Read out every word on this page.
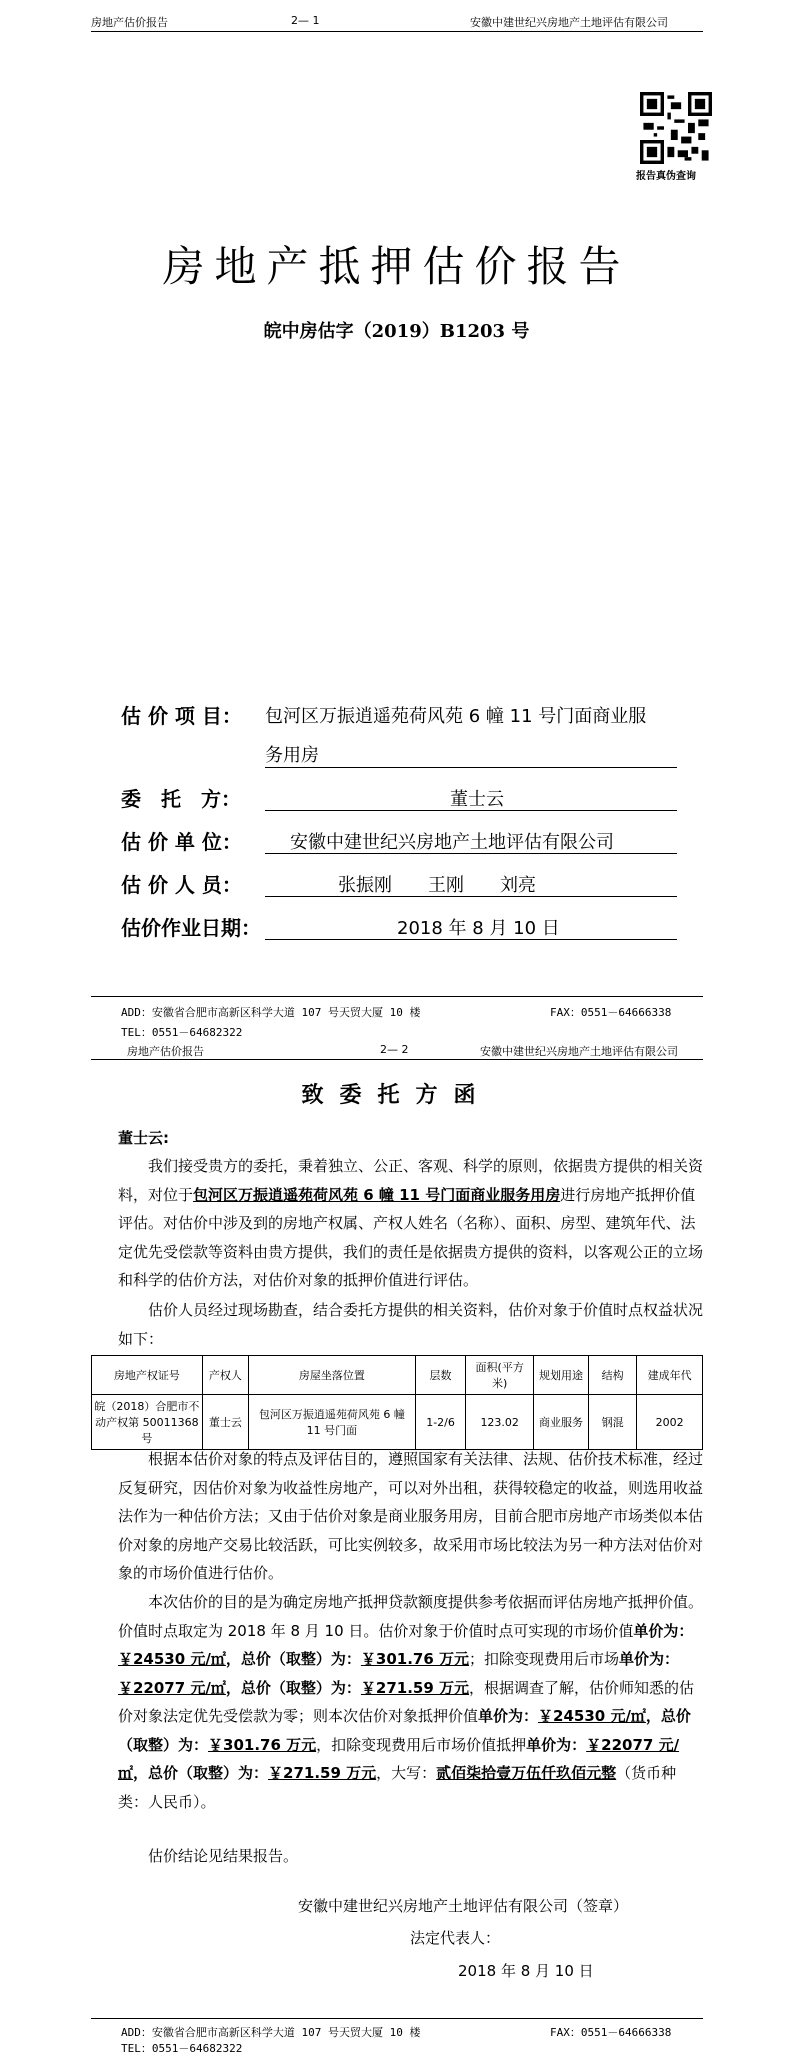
房地产估价报告	2— 1	安徽中建世纪兴房地产土地评估有限公司
报告真伪查询
房地产抵押估价报告
皖中房估字（2019）B1203 号
估 价 项 目： 包河区万振逍遥苑荷风苑 6 幢 11 号门面商业服
务用房
委　托　方：	董士云
估 价 单 位：	安徽中建世纪兴房地产土地评估有限公司
估 价 人 员：	张振刚　　王刚　　刘亮
估价作业日期：	2018 年 8 月 10 日
ADD：安徽省合肥市高新区科学大道 107 号天贸大厦 10 楼	FAX：0551－64666338
TEL：0551－64682322
房地产估价报告	2— 2	安徽中建世纪兴房地产土地评估有限公司
致委托方函
董士云:
我们接受贵方的委托，秉着独立、公正、客观、科学的原则，依据贵方提供的相关资料，对位于包河区万振逍遥苑荷风苑 6 幢 11 号门面商业服务用房进行房地产抵押价值评估。对估价中涉及到的房地产权属、产权人姓名（名称）、面积、房型、建筑年代、法定优先受偿款等资料由贵方提供，我们的责任是依据贵方提供的资料，以客观公正的立场和科学的估价方法，对估价对象的抵押价值进行评估。
估价人员经过现场勘查，结合委托方提供的相关资料，估价对象于价值时点权益状况如下：
房地产权证号	产权人	房屋坐落位置	层数	面积(平方米)	规划用途	结构	建成年代
皖（2018）合肥市不动产权第 50011368 号	董士云	包河区万振逍遥苑荷风苑 6 幢 11 号门面	1-2/6	123.02	商业服务	钢混	2002
根据本估价对象的特点及评估目的，遵照国家有关法律、法规、估价技术标准，经过反复研究，因估价对象为收益性房地产，可以对外出租，获得较稳定的收益，则选用收益法作为一种估价方法；又由于估价对象是商业服务用房，目前合肥市房地产市场类似本估价对象的房地产交易比较活跃，可比实例较多，故采用市场比较法为另一种方法对估价对象的市场价值进行估价。
本次估价的目的是为确定房地产抵押贷款额度提供参考依据而评估房地产抵押价值。价值时点取定为 2018 年 8 月 10 日。估价对象于价值时点可实现的市场价值单价为：￥24530 元/㎡，总价（取整）为：￥301.76 万元；扣除变现费用后市场单价为：￥22077 元/㎡，总价（取整）为：￥271.59 万元，根据调查了解，估价师知悉的估价对象法定优先受偿款为零；则本次估价对象抵押价值单价为：￥24530 元/㎡，总价（取整）为：￥301.76 万元，扣除变现费用后市场价值抵押单价为：￥22077 元/㎡，总价（取整）为：￥271.59 万元，大写：贰佰柒拾壹万伍仟玖佰元整（货币种类：人民币）。
估价结论见结果报告。
安徽中建世纪兴房地产土地评估有限公司（签章）
法定代表人：
2018 年 8 月 10 日
ADD：安徽省合肥市高新区科学大道 107 号天贸大厦 10 楼	FAX：0551－64666338
TEL：0551－64682322
